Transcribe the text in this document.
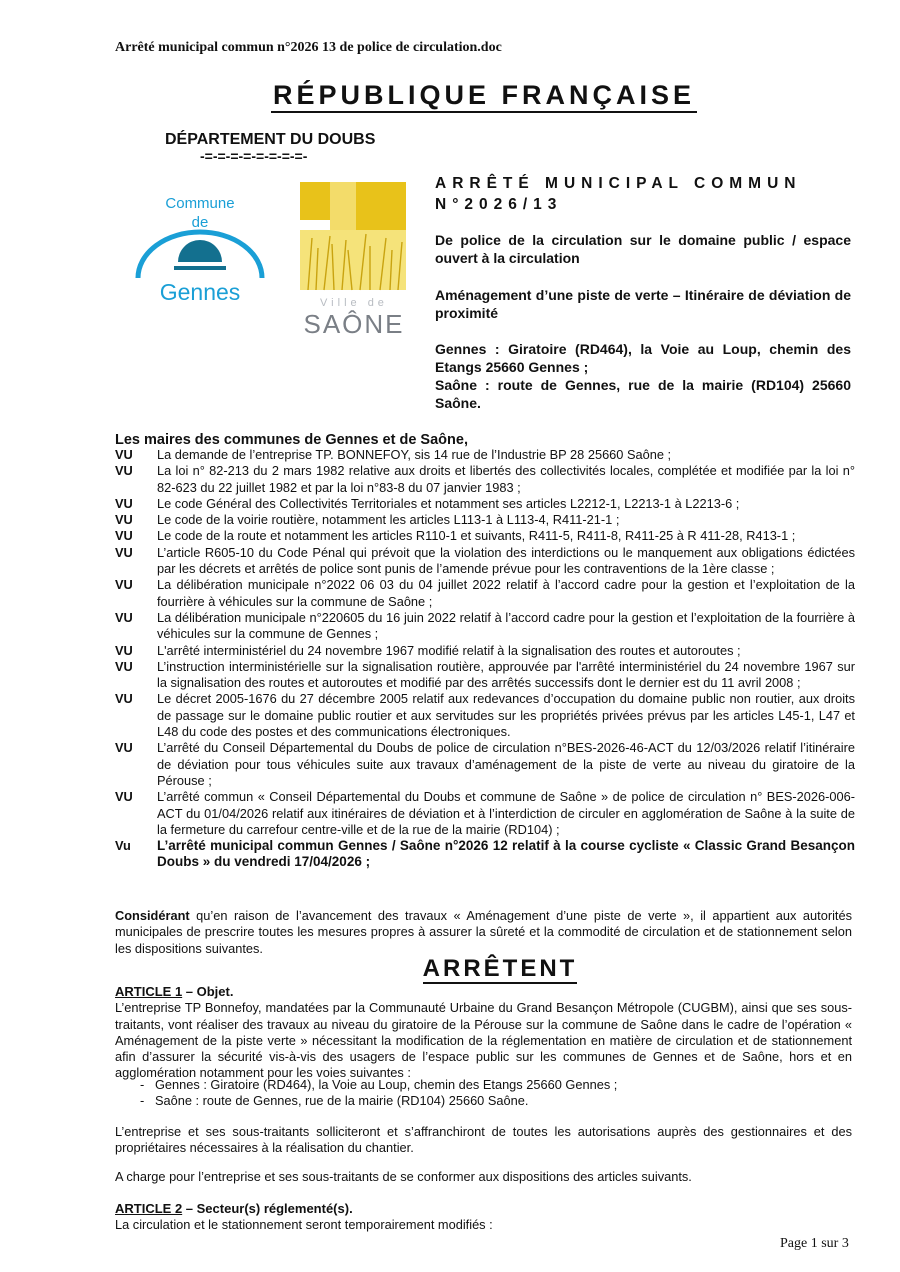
Arrêté municipal commun n°2026 13 de police de circulation.doc
RÉPUBLIQUE FRANÇAISE
DÉPARTEMENT DU DOUBS
-=-=-=-=-=-=-=-=-
Commune
de
Gennes	Ville de
SAÔNE
ARRÊTÉ MUNICIPAL COMMUN
N°2026/13
De police de la circulation sur le domaine public / espace ouvert à la circulation
Aménagement d’une piste de verte – Itinéraire de déviation de proximité
Gennes : Giratoire (RD464), la Voie au Loup, chemin des Etangs 25660 Gennes ;
Saône : route de Gennes, rue de la mairie (RD104) 25660 Saône.
Les maires des communes de Gennes et de Saône,
VU	La demande de l’entreprise TP. BONNEFOY, sis 14 rue de l’Industrie BP 28 25660 Saône ;
VU	La loi n° 82-213 du 2 mars 1982 relative aux droits et libertés des collectivités locales, complétée et modifiée par la loi n° 82-623 du 22 juillet 1982 et par la loi n°83-8 du 07 janvier 1983 ;
VU	Le code Général des Collectivités Territoriales et notamment ses articles L2212-1, L2213-1 à L2213-6 ;
VU	Le code de la voirie routière, notamment les articles L113-1 à L113-4, R411-21-1 ;
VU	Le code de la route et notamment les articles R110-1 et suivants, R411-5, R411-8, R411-25 à R 411-28, R413-1 ;
VU	L’article R605-10 du Code Pénal qui prévoit que la violation des interdictions ou le manquement aux obligations édictées par les décrets et arrêtés de police sont punis de l’amende prévue pour les contraventions de la 1ère classe ;
VU	La délibération municipale n°2022 06 03 du 04 juillet 2022 relatif à l’accord cadre pour la gestion et l’exploitation de la fourrière à véhicules sur la commune de Saône ;
VU	La délibération municipale n°220605 du 16 juin 2022 relatif à l’accord cadre pour la gestion et l’exploitation de la fourrière à véhicules sur la commune de Gennes ;
VU	L'arrêté interministériel du 24 novembre 1967 modifié relatif à la signalisation des routes et autoroutes ;
VU	L’instruction interministérielle sur la signalisation routière, approuvée par l'arrêté interministériel du 24 novembre 1967 sur la signalisation des routes et autoroutes et modifié par des arrêtés successifs dont le dernier est du 11 avril 2008 ;
VU	Le décret 2005-1676 du 27 décembre 2005 relatif aux redevances d’occupation du domaine public non routier, aux droits de passage sur le domaine public routier et aux servitudes sur les propriétés privées prévus par les articles L45-1, L47 et L48 du code des postes et des communications électroniques.
VU	L’arrêté du Conseil Départemental du Doubs de police de circulation n°BES-2026-46-ACT du 12/03/2026 relatif l’itinéraire de déviation pour tous véhicules suite aux travaux d’aménagement de la piste de verte au niveau du giratoire de la Pérouse ;
VU	L’arrêté commun « Conseil Départemental du Doubs et commune de Saône » de police de circulation n° BES-2026-006-ACT du 01/04/2026 relatif aux itinéraires de déviation et à l’interdiction de circuler en agglomération de Saône à la suite de la fermeture du carrefour centre-ville et de la rue de la mairie (RD104) ;
Vu	L’arrêté municipal commun Gennes / Saône n°2026 12 relatif à la course cycliste « Classic Grand Besançon Doubs » du vendredi 17/04/2026 ;
Considérant qu’en raison de l’avancement des travaux « Aménagement d’une piste de verte », il appartient aux autorités municipales de prescrire toutes les mesures propres à assurer la sûreté et la commodité de circulation et de stationnement selon les dispositions suivantes.
ARRÊTENT
ARTICLE 1 – Objet.
L’entreprise TP Bonnefoy, mandatées par la Communauté Urbaine du Grand Besançon Métropole (CUGBM), ainsi que ses sous-traitants, vont réaliser des travaux au niveau du giratoire de la Pérouse sur la commune de Saône dans le cadre de l’opération « Aménagement de la piste verte » nécessitant la modification de la réglementation en matière de circulation et de stationnement afin d’assurer la sécurité vis-à-vis des usagers de l’espace public sur les communes de Gennes et de Saône, hors et en agglomération notamment pour les voies suivantes :
-   Gennes : Giratoire (RD464), la Voie au Loup, chemin des Etangs 25660 Gennes ;
-   Saône : route de Gennes, rue de la mairie (RD104) 25660 Saône.
L’entreprise et ses sous-traitants solliciteront et s’affranchiront de toutes les autorisations auprès des gestionnaires et des propriétaires nécessaires à la réalisation du chantier.
A charge pour l’entreprise et ses sous-traitants de se conformer aux dispositions des articles suivants.
ARTICLE 2 – Secteur(s) réglementé(s).
La circulation et le stationnement seront temporairement modifiés :
Page 1 sur 3
